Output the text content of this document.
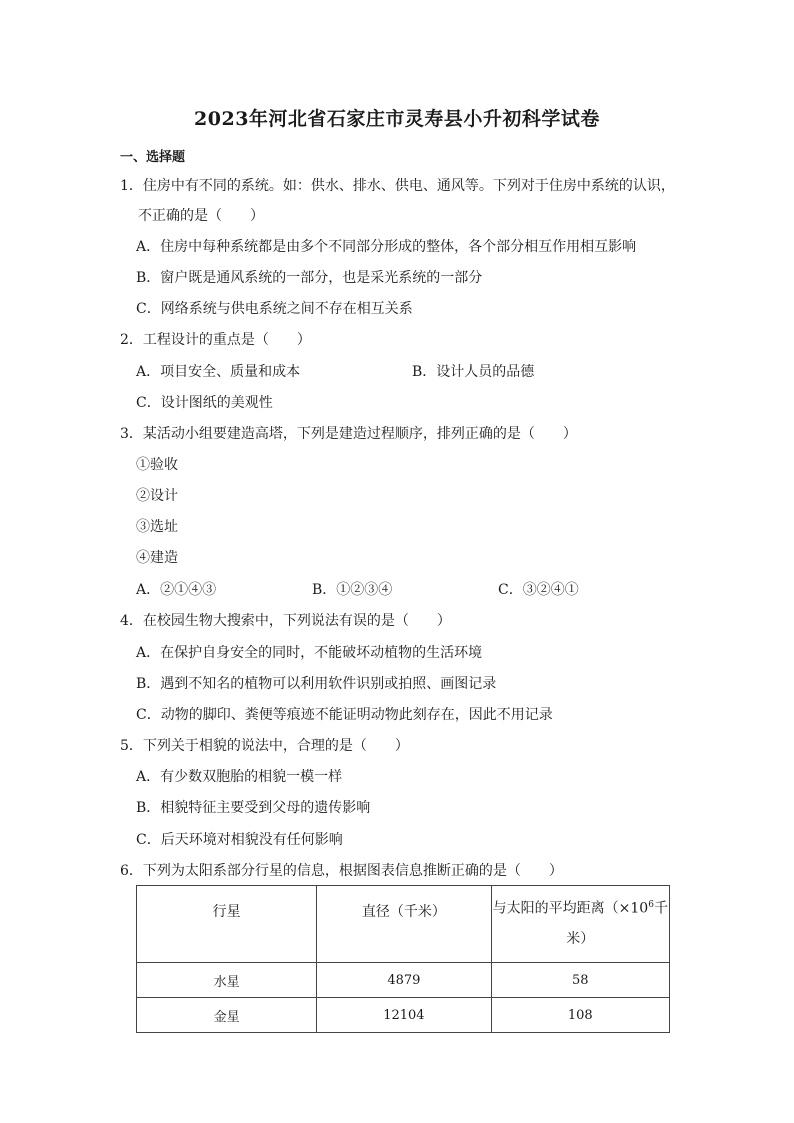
2023年河北省石家庄市灵寿县小升初科学试卷
一、选择题
1．住房中有不同的系统。如：供水、排水、供电、通风等。下列对于住房中系统的认识，
不正确的是（　　）
A．住房中每种系统都是由多个不同部分形成的整体，各个部分相互作用相互影响
B．窗户既是通风系统的一部分，也是采光系统的一部分
C．网络系统与供电系统之间不存在相互关系
2．工程设计的重点是（　　）
A．项目安全、质量和成本	B．设计人员的品德
C．设计图纸的美观性
3．某活动小组要建造高塔，下列是建造过程顺序，排列正确的是（　　）
①验收
②设计
③选址
④建造
A．②①④③	B．①②③④	C．③②④①
4．在校园生物大搜索中，下列说法有误的是（　　）
A．在保护自身安全的同时，不能破坏动植物的生活环境
B．遇到不知名的植物可以利用软件识别或拍照、画图记录
C．动物的脚印、粪便等痕迹不能证明动物此刻存在，因此不用记录
5．下列关于相貌的说法中，合理的是（　　）
A．有少数双胞胎的相貌一模一样
B．相貌特征主要受到父母的遗传影响
C．后天环境对相貌没有任何影响
6．下列为太阳系部分行星的信息，根据图表信息推断正确的是（　　）
行星	直径（千米）	与太阳的平均距离（$\times 10^6$千
米）
水星	4879	58
金星	12104	108
